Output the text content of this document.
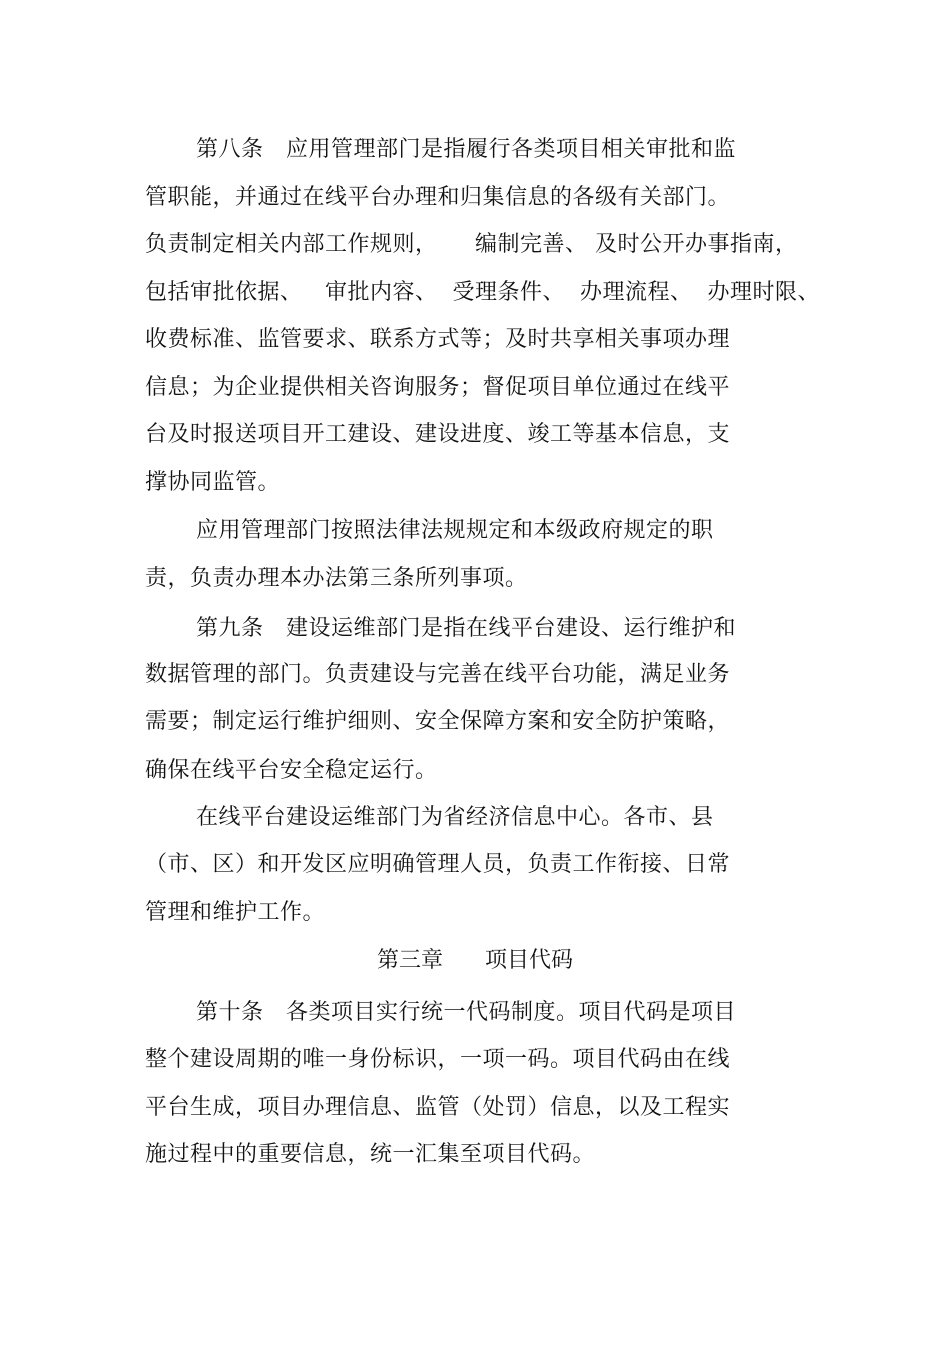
第八条   应用管理部门是指履行各类项目相关审批和监
管职能，并通过在线平台办理和归集信息的各级有关部门。
负责制定相关内部工作规则，     编制完善、 及时公开办事指南，
包括审批依据、   审批内容、  受理条件、  办理流程、  办理时限、
收费标准、监管要求、联系方式等；及时共享相关事项办理
信息；为企业提供相关咨询服务；督促项目单位通过在线平
台及时报送项目开工建设、建设进度、竣工等基本信息，支
撑协同监管。
应用管理部门按照法律法规规定和本级政府规定的职
责，负责办理本办法第三条所列事项。
第九条   建设运维部门是指在线平台建设、运行维护和
数据管理的部门。负责建设与完善在线平台功能，满足业务
需要；制定运行维护细则、安全保障方案和安全防护策略，
确保在线平台安全稳定运行。
在线平台建设运维部门为省经济信息中心。各市、县
（市、区）和开发区应明确管理人员，负责工作衔接、日常
管理和维护工作。
第三章      项目代码
第十条   各类项目实行统一代码制度。项目代码是项目
整个建设周期的唯一身份标识，一项一码。项目代码由在线
平台生成，项目办理信息、监管（处罚）信息，以及工程实
施过程中的重要信息，统一汇集至项目代码。
